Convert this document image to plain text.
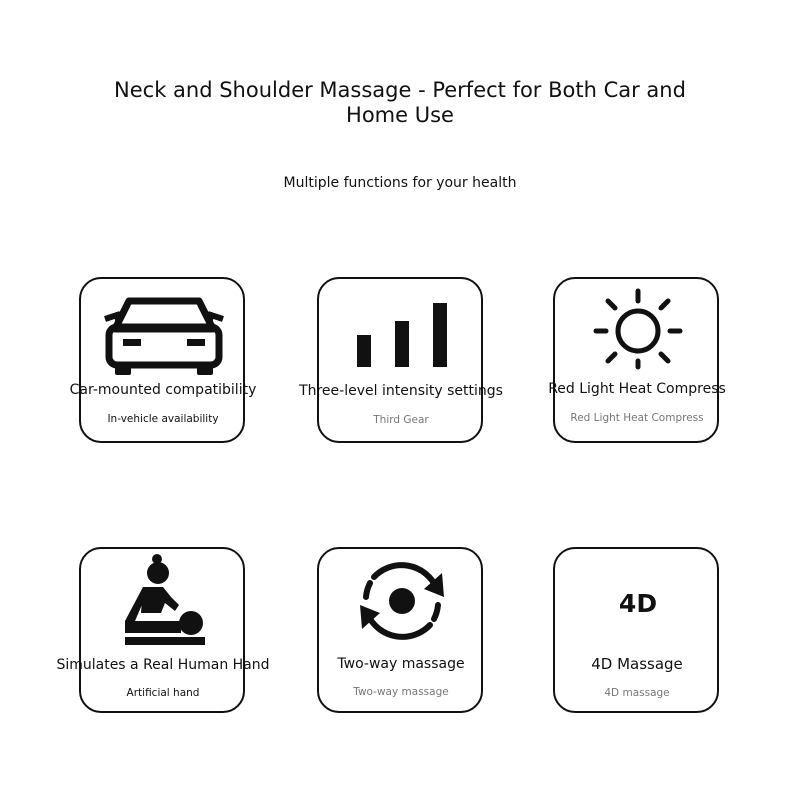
Neck and Shoulder Massage - Perfect for Both Car and Home Use
Multiple functions for your health
Car-mounted compatibility
In-vehicle availability
Three-level intensity settings
Third Gear
Red Light Heat Compress
Red Light Heat Compress
Simulates a Real Human Hand
Artificial hand
Two-way massage
Two-way massage
4D
4D Massage
4D massage
